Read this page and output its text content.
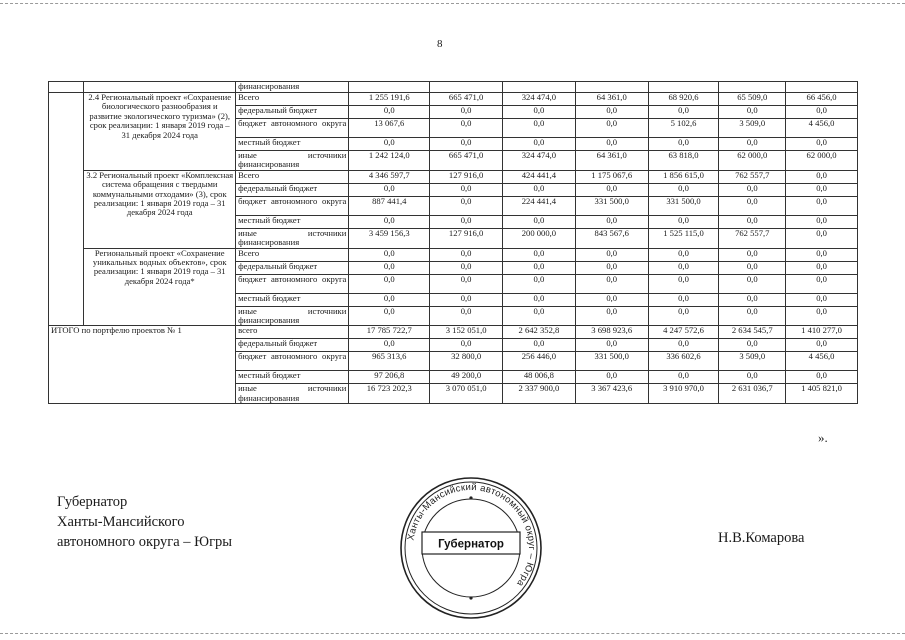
8
		финансирования							
	2.4 Региональный проект «Сохранение биологического разнообразия и развитие экологического туризма» (2), срок реализации: 1 января 2019 года – 31 декабря 2024 года	Всего	1 255 191,6	665 471,0	324 474,0	64 361,0	68 920,6	65 509,0	66 456,0
		федеральный бюджет	0,0	0,0	0,0	0,0	0,0	0,0	0,0
		бюджет автономного округа	13 067,6	0,0	0,0	0,0	5 102,6	3 509,0	4 456,0
		местный бюджет	0,0	0,0	0,0	0,0	0,0	0,0	0,0
		иные источники финансирования	1 242 124,0	665 471,0	324 474,0	64 361,0	63 818,0	62 000,0	62 000,0
	3.2 Региональный проект «Комплексная система обращения с твердыми коммунальными отходами» (3), срок реализации: 1 января 2019 года – 31 декабря 2024 года	Всего	4 346 597,7	127 916,0	424 441,4	1 175 067,6	1 856 615,0	762 557,7	0,0
		федеральный бюджет	0,0	0,0	0,0	0,0	0,0	0,0	0,0
		бюджет автономного округа	887 441,4	0,0	224 441,4	331 500,0	331 500,0	0,0	0,0
		местный бюджет	0,0	0,0	0,0	0,0	0,0	0,0	0,0
		иные источники финансирования	3 459 156,3	127 916,0	200 000,0	843 567,6	1 525 115,0	762 557,7	0,0
	Региональный проект «Сохранение уникальных водных объектов», срок реализации: 1 января 2019 года – 31 декабря 2024 года*	Всего	0,0	0,0	0,0	0,0	0,0	0,0	0,0
		федеральный бюджет	0,0	0,0	0,0	0,0	0,0	0,0	0,0
		бюджет автономного округа	0,0	0,0	0,0	0,0	0,0	0,0	0,0
		местный бюджет	0,0	0,0	0,0	0,0	0,0	0,0	0,0
		иные источники финансирования	0,0	0,0	0,0	0,0	0,0	0,0	0,0
ИТОГО по портфелю проектов № 1		всего	17 785 722,7	3 152 051,0	2 642 352,8	3 698 923,6	4 247 572,6	2 634 545,7	1 410 277,0
		федеральный бюджет	0,0	0,0	0,0	0,0	0,0	0,0	0,0
		бюджет автономного округа	965 313,6	32 800,0	256 446,0	331 500,0	336 602,6	3 509,0	4 456,0
		местный бюджет	97 206,8	49 200,0	48 006,8	0,0	0,0	0,0	0,0
		иные источники финансирования	16 723 202,3	3 070 051,0	2 337 900,0	3 367 423,6	3 910 970,0	2 631 036,7	1 405 821,0
».
Губернатор
Ханты-Мансийского
автономного округа – Югры	Н.В.Комарова
Ханты-Мансийский автономный округ – Югра
Губернатор
